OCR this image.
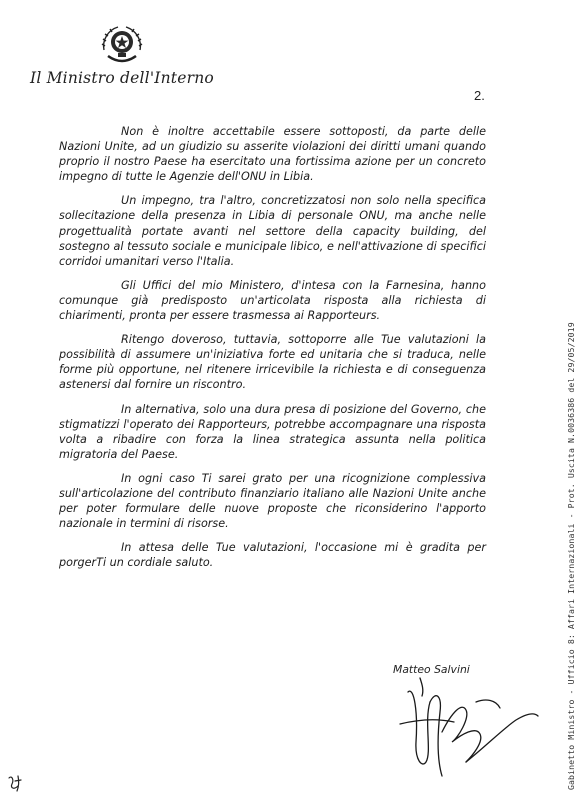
Il Ministro dell'Interno
2.

Non è inoltre accettabile essere sottoposti, da parte delle Nazioni Unite, ad un giudizio su asserite violazioni dei diritti umani quando proprio il nostro Paese ha esercitato una fortissima azione per un concreto impegno di tutte le Agenzie dell'ONU in Libia.

Un impegno, tra l'altro, concretizzatosi non solo nella specifica sollecitazione della presenza in Libia di personale ONU, ma anche nelle progettualità portate avanti nel settore della capacity building, del sostegno al tessuto sociale e municipale libico, e nell'attivazione di specifici corridoi umanitari verso l'Italia.

Gli Uffici del mio Ministero, d'intesa con la Farnesina, hanno comunque già predisposto un'articolata risposta alla richiesta di chiarimenti, pronta per essere trasmessa ai Rapporteurs.

Ritengo doveroso, tuttavia, sottoporre alle Tue valutazioni la possibilità di assumere un'iniziativa forte ed unitaria che si traduca, nelle forme più opportune, nel ritenere irricevibile la richiesta e di conseguenza astenersi dal fornire un riscontro.

In alternativa, solo una dura presa di posizione del Governo, che stigmatizzi l'operato dei Rapporteurs, potrebbe accompagnare una risposta volta a ribadire con forza la linea strategica assunta nella politica migratoria del Paese.

In ogni caso Ti sarei grato per una ricognizione complessiva sull'articolazione del contributo finanziario italiano alle Nazioni Unite anche per poter formulare delle nuove proposte che riconsiderino l'apporto nazionale in termini di risorse.

In attesa delle Tue valutazioni, l'occasione mi è gradita per porgerTi un cordiale saluto.

Matteo Salvini	Gabinetto Ministro - Ufficio 8: Affari Internazionali - Prot. Uscita N.0036386 del 29/05/2019
